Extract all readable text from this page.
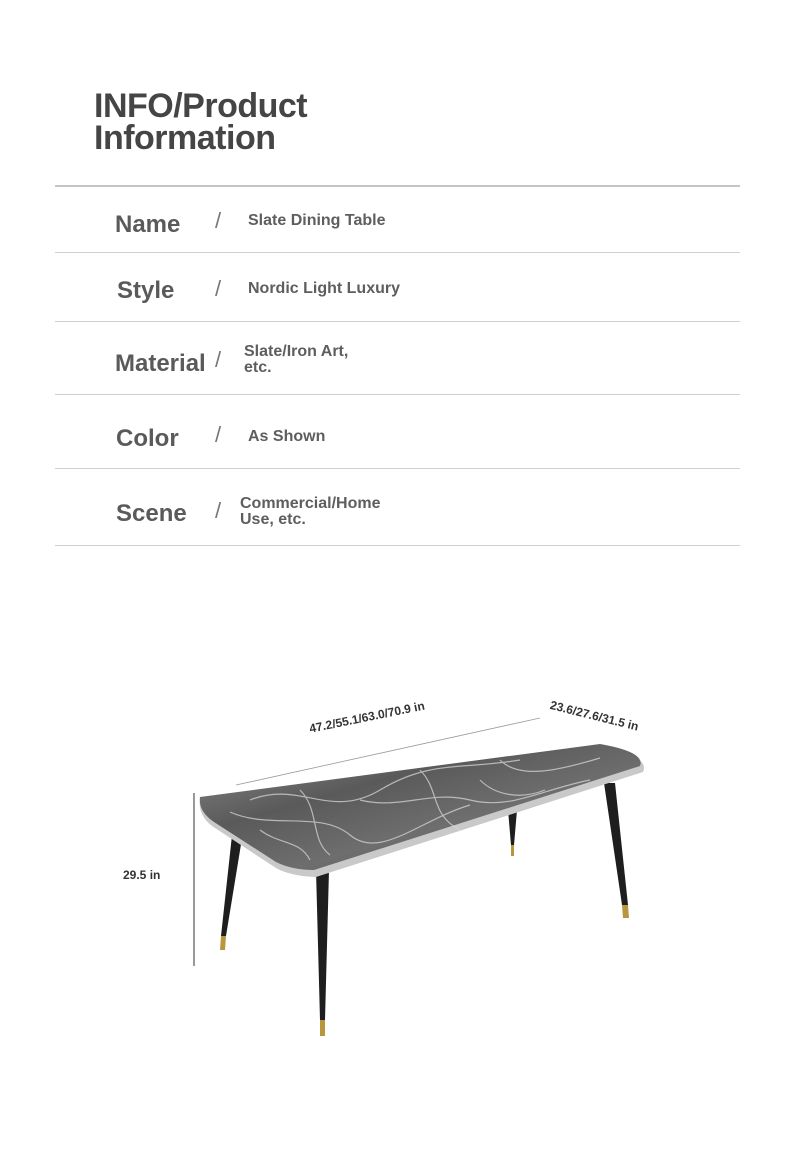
INFO/Product
Information
Name / Slate Dining Table
Style / Nordic Light Luxury
Material / Slate/Iron Art,
etc.
Color / As Shown
Scene / Commercial/Home
Use, etc.
47.2/55.1/63.0/70.9 in	23.6/27.6/31.5 in
29.5 in
